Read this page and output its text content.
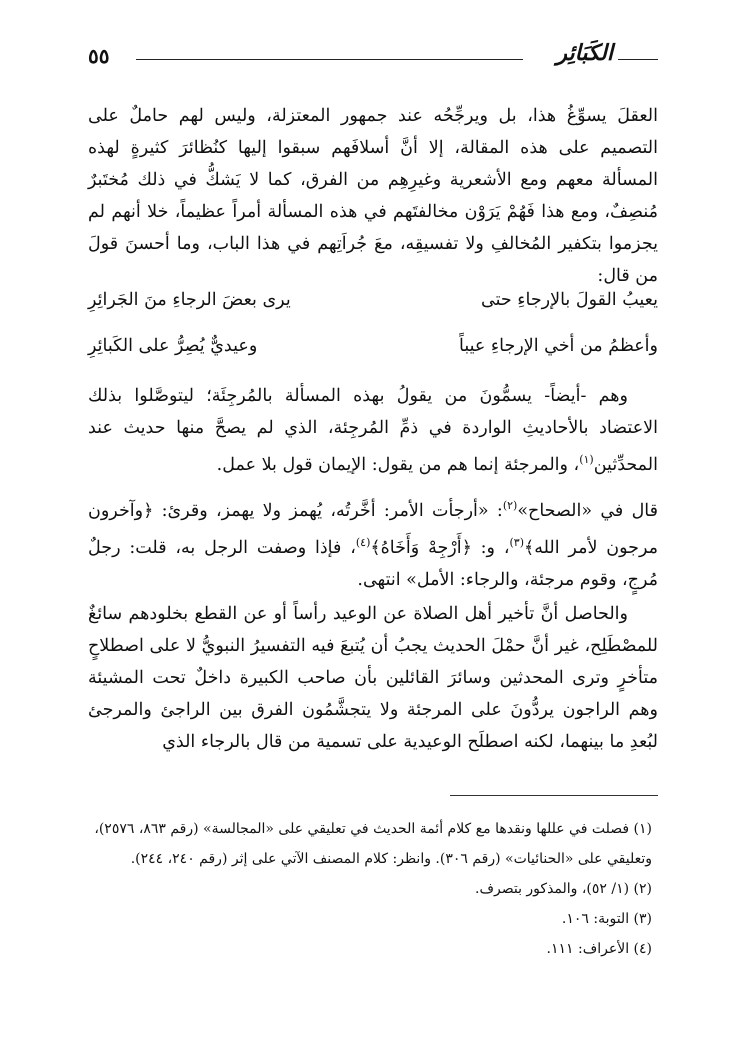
٥٥	الكَبَائِر

العقلَ يسوِّغُ هذا، بل ويرجِّحُه عند جمهور المعتزلة، وليس لهم حاملٌ على التصميم على هذه المقالة، إلا أنَّ أسلافَهم سبقوا إليها كنُظائرَ كثيرةٍ لهذه المسألة معهم ومع الأشعرية وغيرِهِم من الفرق، كما لا يَشكُّ في ذلك مُختَبرٌ مُنصِفٌ، ومع هذا فَهُمْ يَرَوْن مخالفتَهم في هذه المسألة أمراً عظيماً، خلا أنهم لم يجزموا بتكفير المُخالفِ ولا تفسيقِه، معَ جُراَتِهم في هذا الباب، وما أحسنَ قولَ من قال:

يعيبُ القولَ بالإرجاءِ حتى
يرى بعضَ الرجاءِ منَ الجَرائِرِ
وأعظمُ من أخي الإرجاءِ عيباً
وعيديٌّ يُصِرُّ على الكَبائِرِ

وهم -أيضاً- يسمُّونَ من يقولُ بهذه المسألة بالمُرجِئَة؛ ليتوصَّلوا بذلك الاعتضاد بالأحاديثِ الواردة في ذمِّ المُرجِئة، الذي لم يصحَّ منها حديث عند المحدِّثين$^{(١)}$، والمرجئة إنما هم من يقول: الإيمان قول بلا عمل.

قال في «الصحاح»$^{(٢)}$: «أرجأت الأمر: أخَّرتُه، يُهمز ولا يهمز، وقرئ: ﴿وآخرون مرجون لأمر الله﴾$^{(٣)}$، و: ﴿أَرْجِهْ وَأَخَاهُ﴾$^{(٤)}$، فإذا وصفت الرجل به، قلت: رجلٌ مُرجٍ، وقوم مرجئة، والرجاء: الأمل» انتهى.

والحاصل أنَّ تأخير أهل الصلاة عن الوعيد رأساً أو عن القطع بخلودهم سائغٌ للمصْطَلِح، غير أنَّ حمْلَ الحديث يجبُ أن يُتبعَ فيه التفسيرُ النبويُّ لا على اصطلاحٍ متأخرٍ وترى المحدثين وسائرَ القائلين بأن صاحب الكبيرة داخلٌ تحت المشيئة وهم الراجون يردُّونَ على المرجئة ولا يتجشَّمُون الفرق بين الراجئ والمرجئ لبُعدِ ما بينهما، لكنه اصطلَح الوعيدية على تسمية من قال بالرجاء الذي

(١) فصلت في عللها ونقدها مع كلام أئمة الحديث في تعليقي على «المجالسة» (رقم ٨٦٣، ٢٥٧٦)، وتعليقي على «الحنائيات» (رقم ٣٠٦). وانظر: كلام المصنف الآتي على إثر (رقم ٢٤٠، ٢٤٤).

(٢) (١/ ٥٢)، والمذكور بتصرف.

(٣) التوبة: ١٠٦.

(٤) الأعراف: ١١١.
